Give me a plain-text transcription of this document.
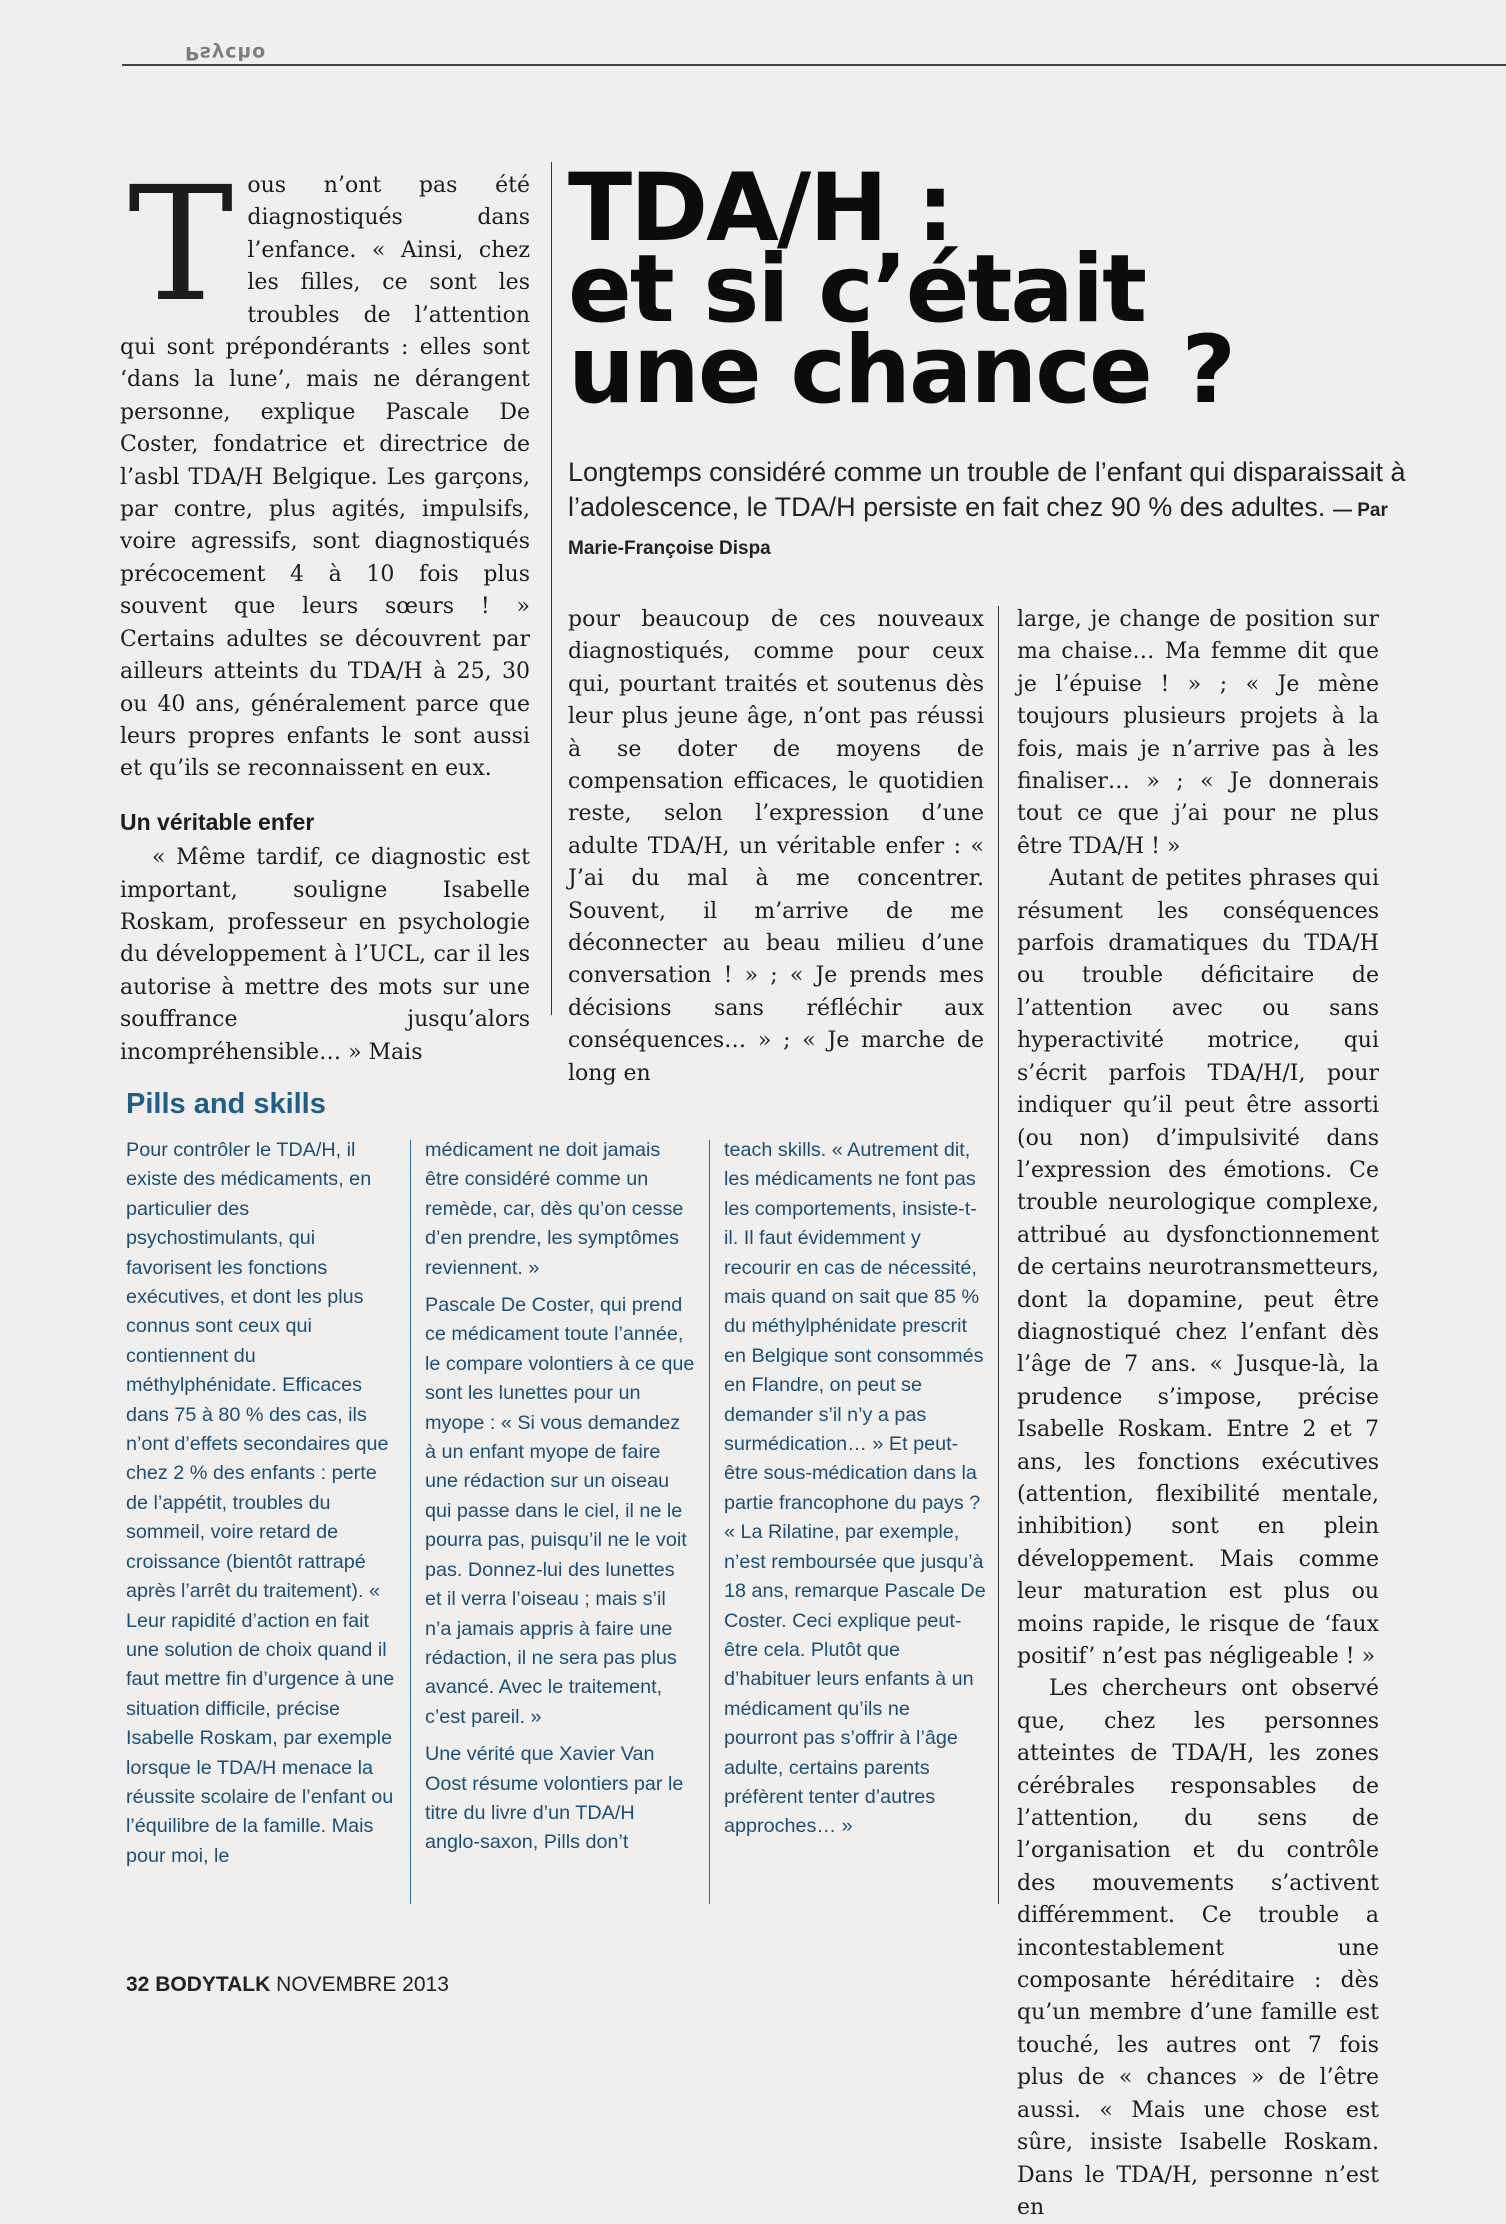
Psycho
T ous n’ont pas été diagnostiqués dans l’enfance. « Ainsi, chez les filles, ce sont les troubles de l’attention qui sont prépondérants : elles sont ‘dans la lune’, mais ne dérangent personne, explique Pascale De Coster, fondatrice et directrice de l’asbl TDA/H Belgique. Les garçons, par contre, plus agités, impulsifs, voire agressifs, sont diagnostiqués précocement 4 à 10 fois plus souvent que leurs sœurs ! » Certains adultes se découvrent par ailleurs atteints du TDA/H à 25, 30 ou 40 ans, généralement parce que leurs propres enfants le sont aussi et qu’ils se reconnaissent en eux.

Un véritable enfer

« Même tardif, ce diagnostic est important, souligne Isabelle Roskam, professeur en psychologie du développement à l’UCL, car il les autorise à mettre des mots sur une souffrance jusqu’alors incompréhensible… » Mais

TDA/H :
et si c’était
une chance ?
Longtemps considéré comme un trouble de l’enfant qui disparaissait à l’adolescence, le TDA/H persiste en fait chez 90 % des adultes. — Par Marie-Françoise Dispa

pour beaucoup de ces nouveaux diagnostiqués, comme pour ceux qui, pourtant traités et soutenus dès leur plus jeune âge, n’ont pas réussi à se doter de moyens de compensation efficaces, le quotidien reste, selon l’expression d’une adulte TDA/H, un véritable enfer : « J’ai du mal à me concentrer. Souvent, il m’arrive de me déconnecter au beau milieu d’une conversation ! » ; « Je prends mes décisions sans réfléchir aux conséquences… » ; « Je marche de long en

large, je change de position sur ma chaise… Ma femme dit que je l’épuise ! » ; « Je mène toujours plusieurs projets à la fois, mais je n’arrive pas à les finaliser… » ; « Je donnerais tout ce que j’ai pour ne plus être TDA/H ! »

Autant de petites phrases qui résument les conséquences parfois dramatiques du TDA/H ou trouble déficitaire de l’attention avec ou sans hyperactivité motrice, qui s’écrit parfois TDA/H/I, pour indiquer qu’il peut être assorti (ou non) d’impulsivité dans l’expression des émotions. Ce trouble neurologique complexe, attribué au dysfonctionnement de certains neurotransmetteurs, dont la dopamine, peut être diagnostiqué chez l’enfant dès l’âge de 7 ans. « Jusque-là, la prudence s’impose, précise Isabelle Roskam. Entre 2 et 7 ans, les fonctions exécutives (attention, flexibilité mentale, inhibition) sont en plein développement. Mais comme leur maturation est plus ou moins rapide, le risque de ‘faux positif’ n’est pas négligeable ! »

Les chercheurs ont observé que, chez les personnes atteintes de TDA/H, les zones cérébrales responsables de l’attention, du sens de l’organisation et du contrôle des mouvements s’activent différemment. Ce trouble a incontestablement une composante héréditaire : dès qu’un membre d’une famille est touché, les autres ont 7 fois plus de « chances » de l’être aussi. « Mais une chose est sûre, insiste Isabelle Roskam. Dans le TDA/H, personne n’est en

Pills and skills

Pour contrôler le TDA/H, il existe des médicaments, en particulier des psychostimulants, qui favorisent les fonctions exécutives, et dont les plus connus sont ceux qui contiennent du méthylphénidate. Efficaces dans 75 à 80 % des cas, ils n’ont d’effets secondaires que chez 2 % des enfants : perte de l’appétit, troubles du sommeil, voire retard de croissance (bientôt rattrapé après l’arrêt du traitement). « Leur rapidité d’action en fait une solution de choix quand il faut mettre fin d’urgence à une situation difficile, précise Isabelle Roskam, par exemple lorsque le TDA/H menace la réussite scolaire de l’enfant ou l’équilibre de la famille. Mais pour moi, le

médicament ne doit jamais être considéré comme un remède, car, dès qu’on cesse d’en prendre, les symptômes reviennent. »

Pascale De Coster, qui prend ce médicament toute l’année, le compare volontiers à ce que sont les lunettes pour un myope : « Si vous demandez à un enfant myope de faire une rédaction sur un oiseau qui passe dans le ciel, il ne le pourra pas, puisqu’il ne le voit pas. Donnez-lui des lunettes et il verra l’oiseau ; mais s’il n’a jamais appris à faire une rédaction, il ne sera pas plus avancé. Avec le traitement, c’est pareil. »

Une vérité que Xavier Van Oost résume volontiers par le titre du livre d’un TDA/H anglo-saxon, Pills don’t

teach skills. « Autrement dit, les médicaments ne font pas les comportements, insiste-t-il. Il faut évidemment y recourir en cas de nécessité, mais quand on sait que 85 % du méthylphénidate prescrit en Belgique sont consommés en Flandre, on peut se demander s’il n’y a pas surmédication… » Et peut-être sous-médication dans la partie francophone du pays ? « La Rilatine, par exemple, n’est remboursée que jusqu’à 18 ans, remarque Pascale De Coster. Ceci explique peut-être cela. Plutôt que d’habituer leurs enfants à un médicament qu’ils ne pourront pas s’offrir à l’âge adulte, certains parents préfèrent tenter d’autres approches… »

32 BODYTALK NOVEMBRE 2013
